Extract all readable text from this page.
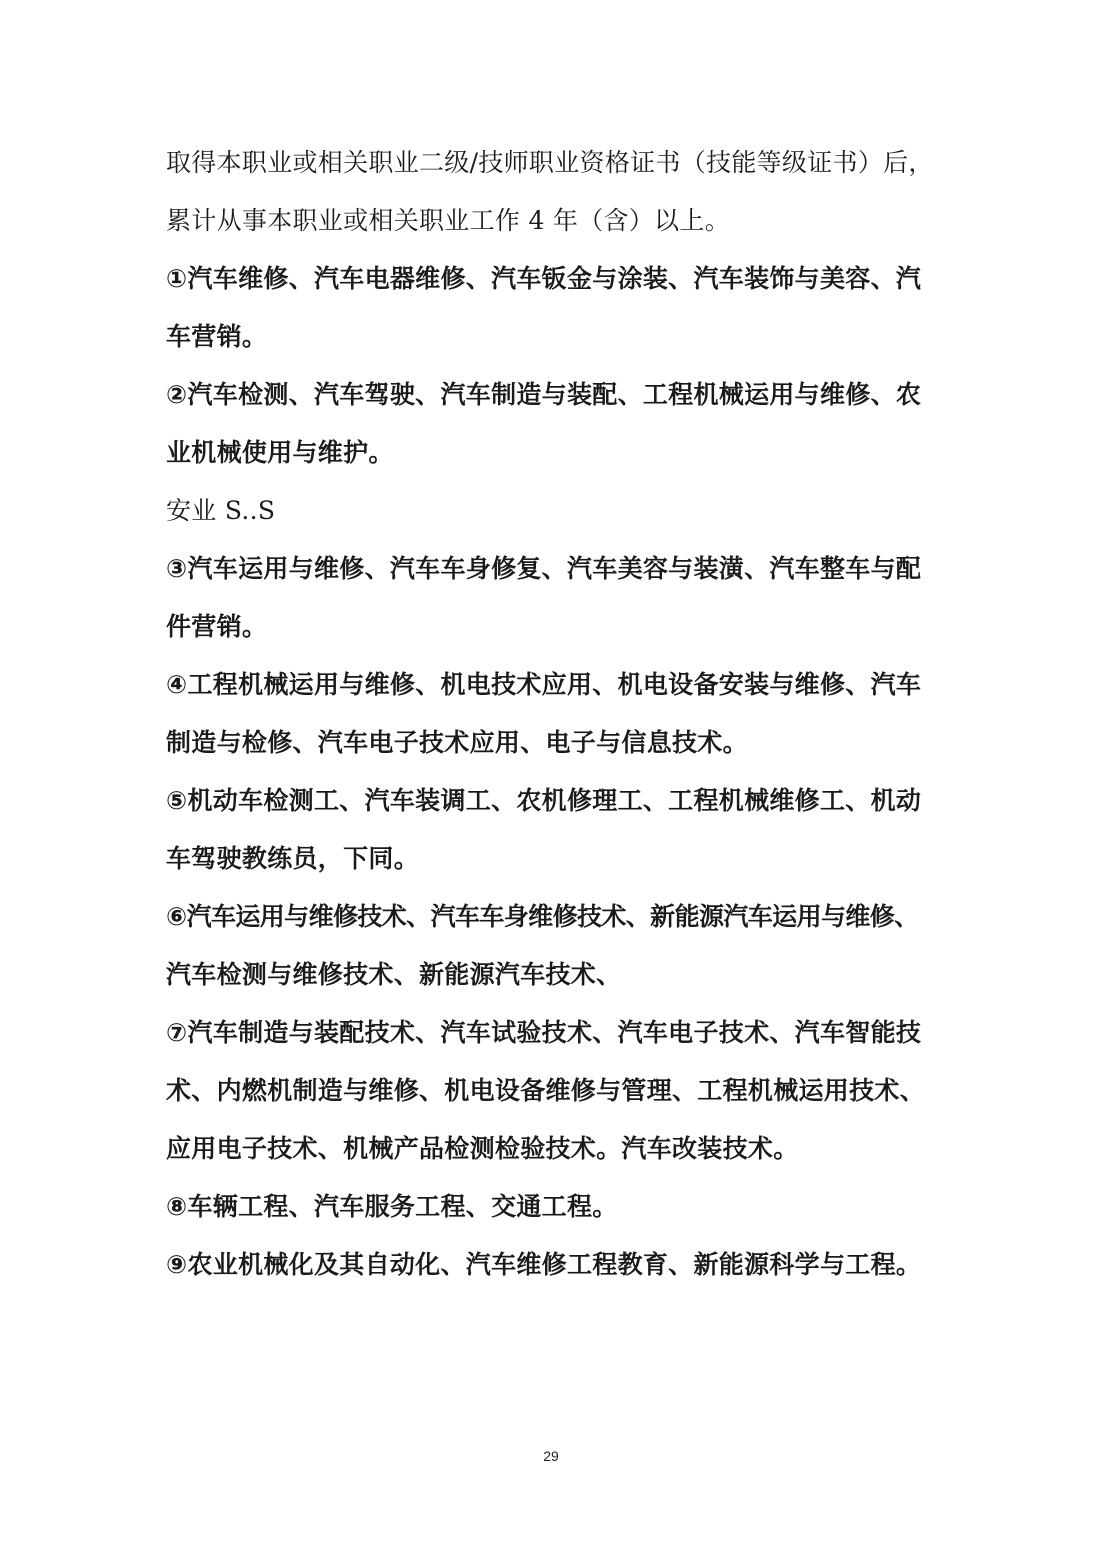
取得本职业或相关职业二级/技师职业资格证书（技能等级证书）后，
累计从事本职业或相关职业工作 4 年（含）以上。
①汽车维修、汽车电器维修、汽车钣金与涂装、汽车装饰与美容、汽
车营销。
②汽车检测、汽车驾驶、汽车制造与装配、工程机械运用与维修、农
业机械使用与维护。
安业 S..S
③汽车运用与维修、汽车车身修复、汽车美容与装潢、汽车整车与配
件营销。
④工程机械运用与维修、机电技术应用、机电设备安装与维修、汽车
制造与检修、汽车电子技术应用、电子与信息技术。
⑤机动车检测工、汽车装调工、农机修理工、工程机械维修工、机动
车驾驶教练员，下同。
⑥汽车运用与维修技术、汽车车身维修技术、新能源汽车运用与维修、
汽车检测与维修技术、新能源汽车技术、
⑦汽车制造与装配技术、汽车试验技术、汽车电子技术、汽车智能技
术、内燃机制造与维修、机电设备维修与管理、工程机械运用技术、
应用电子技术、机械产品检测检验技术。汽车改装技术。
⑧车辆工程、汽车服务工程、交通工程。
⑨农业机械化及其自动化、汽车维修工程教育、新能源科学与工程。
29
